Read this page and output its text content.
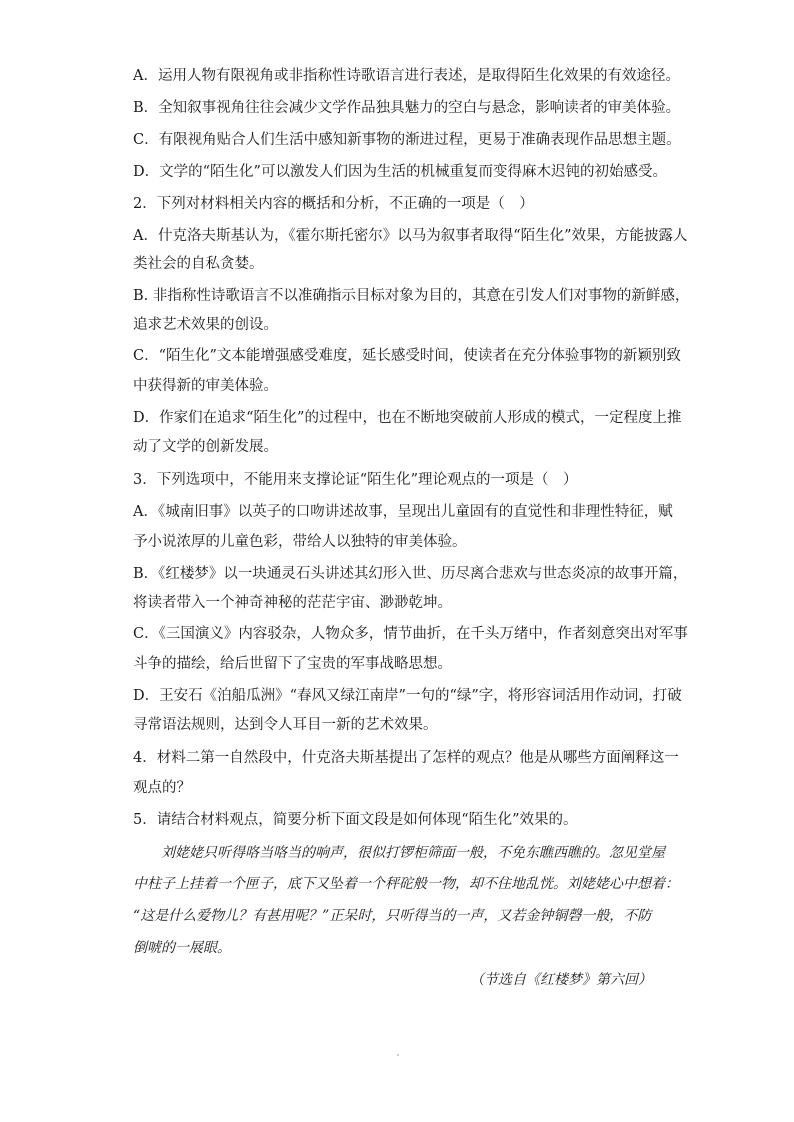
A．运用人物有限视角或非指称性诗歌语言进行表述，是取得陌生化效果的有效途径。
B．全知叙事视角往往会减少文学作品独具魅力的空白与悬念，影响读者的审美体验。
C．有限视角贴合人们生活中感知新事物的渐进过程，更易于准确表现作品思想主题。
D．文学的“陌生化”可以激发人们因为生活的机械重复而变得麻木迟钝的初始感受。
2．下列对材料相关内容的概括和分析，不正确的一项是（　）
A．什克洛夫斯基认为，《霍尔斯托密尔》以马为叙事者取得“陌生化”效果，方能披露人
类社会的自私贪婪。
B. 非指称性诗歌语言不以准确指示目标对象为目的，其意在引发人们对事物的新鲜感，
追求艺术效果的创设。
C．“陌生化”文本能增强感受难度，延长感受时间，使读者在充分体验事物的新颖别致
中获得新的审美体验。
D．作家们在追求“陌生化”的过程中，也在不断地突破前人形成的模式，一定程度上推
动了文学的创新发展。
3．下列选项中，不能用来支撑论证“陌生化”理论观点的一项是（　）
A．《城南旧事》以英子的口吻讲述故事，呈现出儿童固有的直觉性和非理性特征，赋
予小说浓厚的儿童色彩，带给人以独特的审美体验。
B．《红楼梦》以一块通灵石头讲述其幻形入世、历尽离合悲欢与世态炎凉的故事开篇，
将读者带入一个神奇神秘的茫茫宇宙、渺渺乾坤。
C．《三国演义》内容驳杂，人物众多，情节曲折，在千头万绪中，作者刻意突出对军事
斗争的描绘，给后世留下了宝贵的军事战略思想。
D．王安石《泊船瓜洲》“春风又绿江南岸”一句的“绿”字，将形容词活用作动词，打破
寻常语法规则，达到令人耳目一新的艺术效果。
4．材料二第一自然段中，什克洛夫斯基提出了怎样的观点？他是从哪些方面阐释这一
观点的？
5．请结合材料观点，简要分析下面文段是如何体现“陌生化”效果的。
　　刘姥姥只听得咯当咯当的响声，很似打锣柜筛面一般，不免东瞧西瞧的。忽见堂屋
中柱子上挂着一个匣子，底下又坠着一个秤砣般一物，却不住地乱恍。刘姥姥心中想着：
“这是什么爱物儿？有甚用呢？”正呆时，只听得当的一声，又若金钟铜磬一般，不防
倒唬的一展眼。
（节选自《红楼梦》第六回）
